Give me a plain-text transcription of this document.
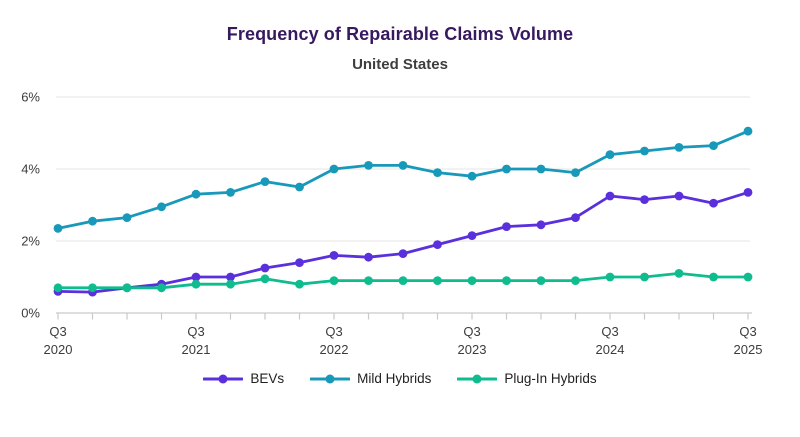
Frequency of Repairable Claims Volume
United States
0%
2%
4%
6%
Q3
2020
Q3
2021
Q3
2022
Q3
2023
Q3
2024
Q3
2025
BEVs	Mild Hybrids	Plug-In Hybrids
